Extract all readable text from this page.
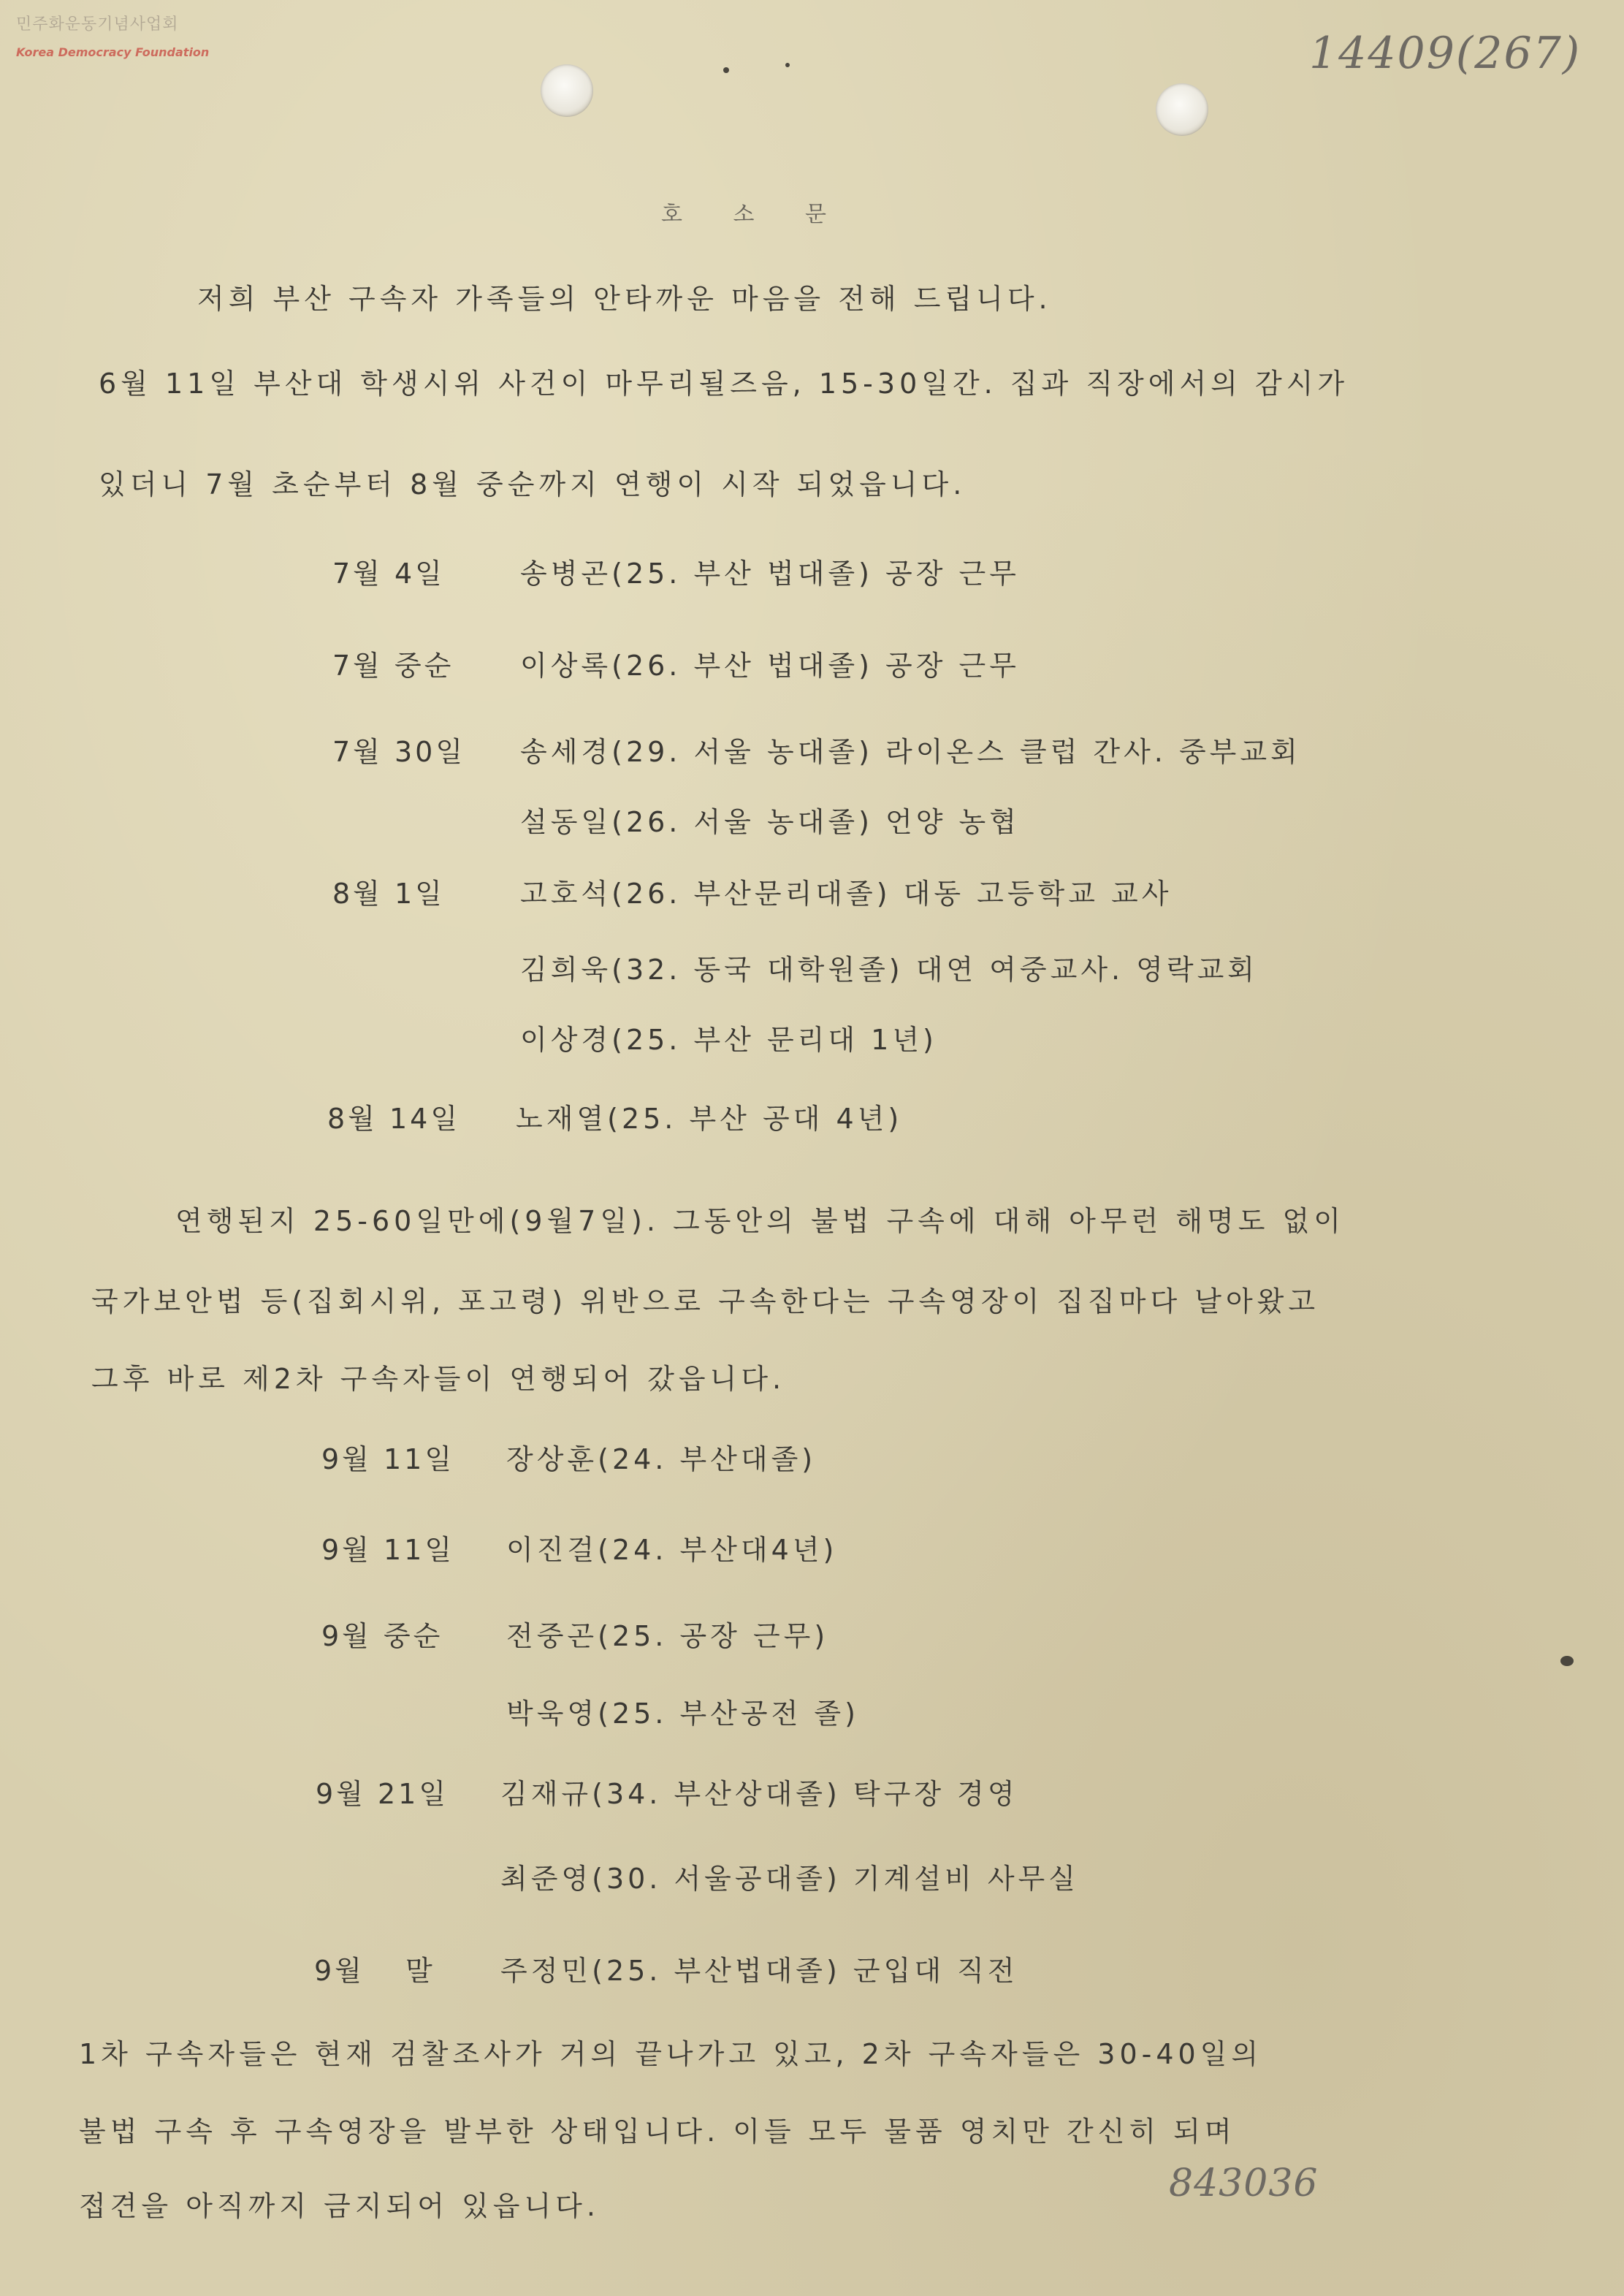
민주화운동기념사업회
Korea Democracy Foundation	14409(267)
843036
호 소 문
저희 부산 구속자 가족들의 안타까운 마음을 전해 드립니다.
6월 11일 부산대 학생시위 사건이 마무리될즈음, 15-30일간. 집과 직장에서의 감시가
있더니 7월 초순부터 8월 중순까지 연행이 시작 되었읍니다.
7월 4일	송병곤(25. 부산 법대졸) 공장 근무
7월 중순 이상록(26. 부산 법대졸) 공장 근무
7월 30일 송세경(29. 서울 농대졸) 라이온스 클럽 간사. 중부교회
설동일(26. 서울 농대졸) 언양 농협
8월 1일	고호석(26. 부산문리대졸) 대동 고등학교 교사
김희욱(32. 동국 대학원졸) 대연 여중교사. 영락교회
이상경(25. 부산 문리대 1년)
8월 14일 노재열(25. 부산 공대 4년)
연행된지 25-60일만에(9월7일). 그동안의 불법 구속에 대해 아무런 해명도 없이
국가보안법 등(집회시위, 포고령) 위반으로 구속한다는 구속영장이 집집마다 날아왔고
그후 바로 제2차 구속자들이 연행되어 갔읍니다.
9월 11일 장상훈(24. 부산대졸)
9월 11일 이진걸(24. 부산대4년)
9월 중순 전중곤(25. 공장 근무)
박욱영(25. 부산공전 졸)
9월 21일 김재규(34. 부산상대졸) 탁구장 경영
최준영(30. 서울공대졸) 기계설비 사무실
9월 말 주정민(25. 부산법대졸) 군입대 직전
1차 구속자들은 현재 검찰조사가 거의 끝나가고 있고, 2차 구속자들은 30-40일의
불법 구속 후 구속영장을 발부한 상태입니다. 이들 모두 물품 영치만 간신히 되며
접견을 아직까지 금지되어 있읍니다.
